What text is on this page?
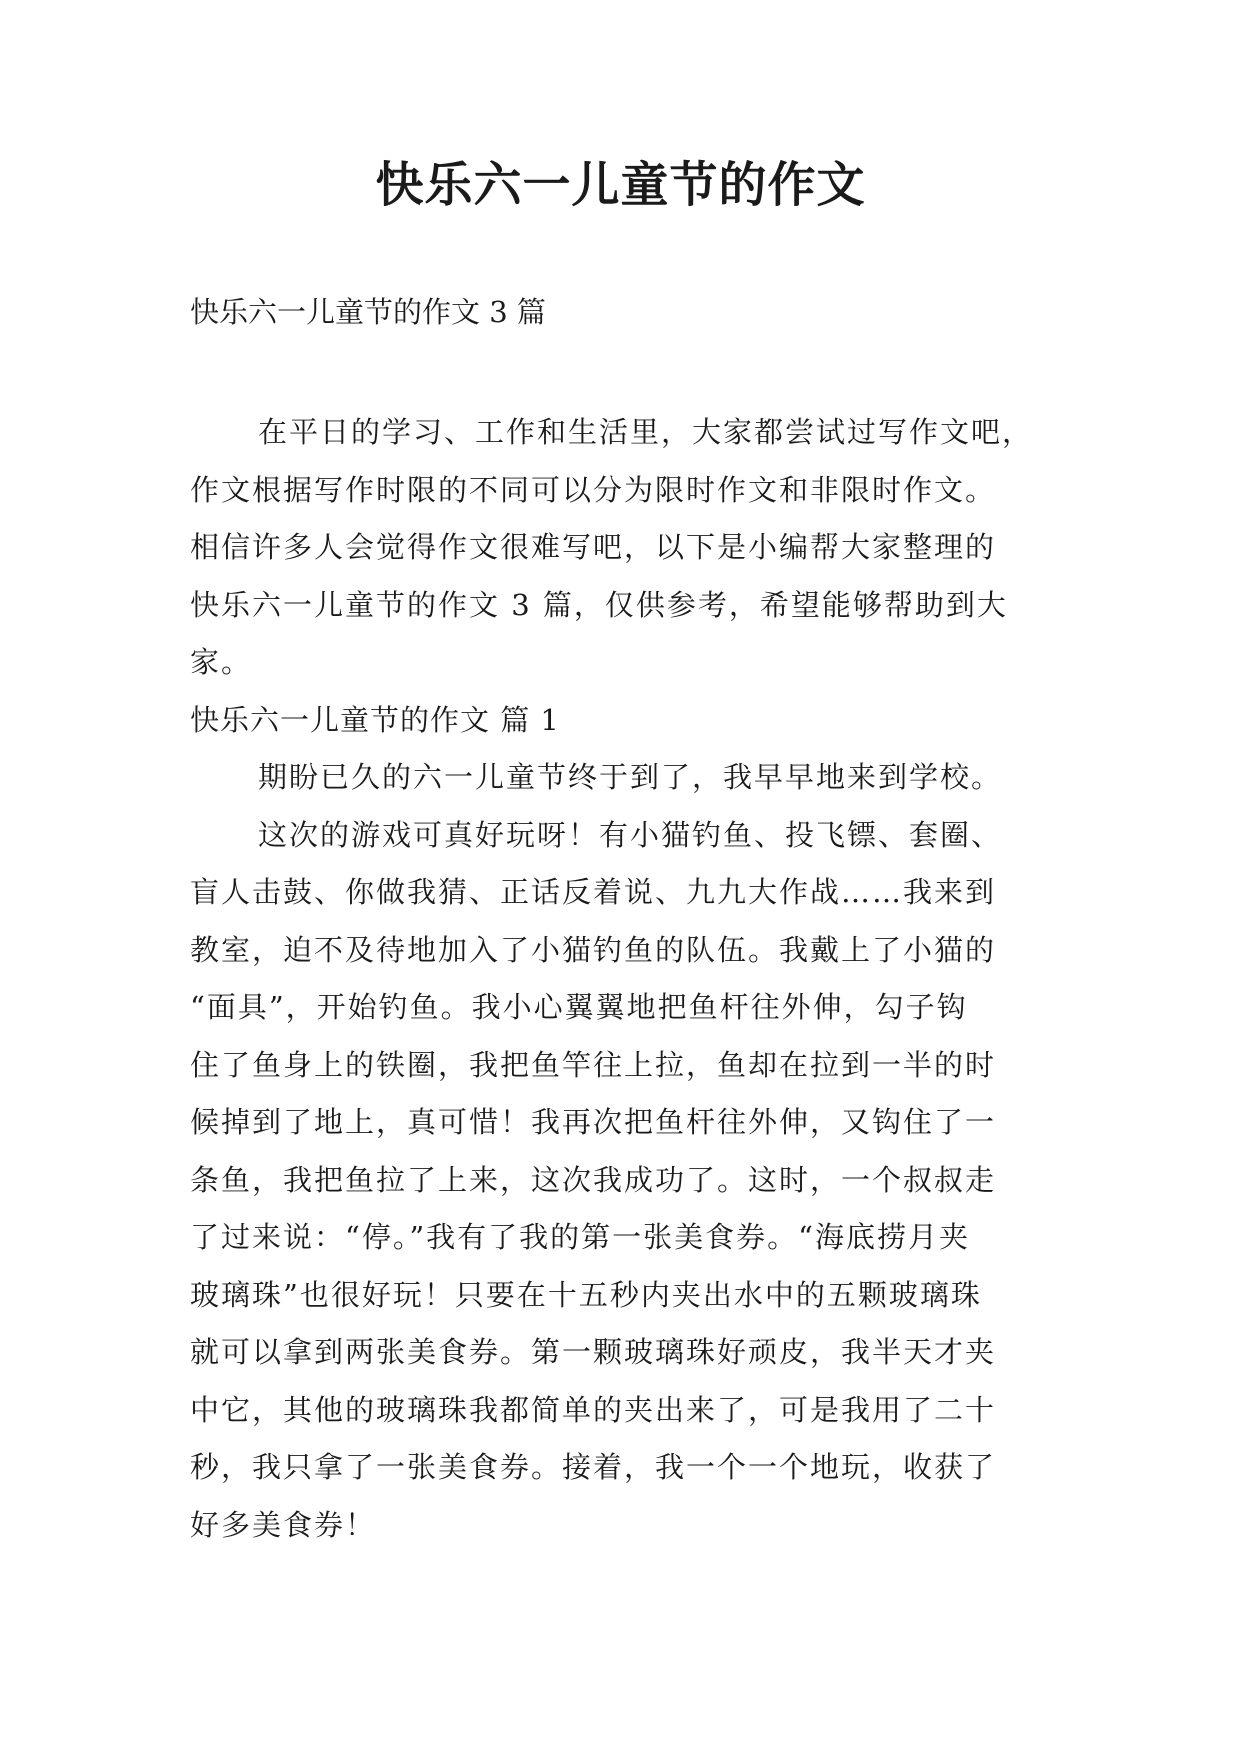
快乐六一儿童节的作文
快乐六一儿童节的作文 3 篇
在平日的学习、工作和生活里，大家都尝试过写作文吧，
作文根据写作时限的不同可以分为限时作文和非限时作文。
相信许多人会觉得作文很难写吧，以下是小编帮大家整理的
快乐六一儿童节的作文 3 篇，仅供参考，希望能够帮助到大
家。
快乐六一儿童节的作文 篇 1
期盼已久的六一儿童节终于到了，我早早地来到学校。
这次的游戏可真好玩呀！有小猫钓鱼、投飞镖、套圈、
盲人击鼓、你做我猜、正话反着说、九九大作战……我来到
教室，迫不及待地加入了小猫钓鱼的队伍。我戴上了小猫的
“面具”，开始钓鱼。我小心翼翼地把鱼杆往外伸，勾子钩
住了鱼身上的铁圈，我把鱼竿往上拉，鱼却在拉到一半的时
候掉到了地上，真可惜！我再次把鱼杆往外伸，又钩住了一
条鱼，我把鱼拉了上来，这次我成功了。这时，一个叔叔走
了过来说：“停。”我有了我的第一张美食券。“海底捞月夹
玻璃珠”也很好玩！只要在十五秒内夹出水中的五颗玻璃珠
就可以拿到两张美食券。第一颗玻璃珠好顽皮，我半天才夹
中它，其他的玻璃珠我都简单的夹出来了，可是我用了二十
秒，我只拿了一张美食券。接着，我一个一个地玩，收获了
好多美食券！
